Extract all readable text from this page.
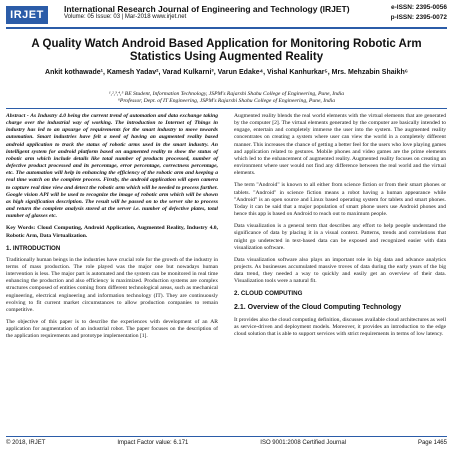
IRJET	International Research Journal of Engineering and Technology (IRJET)
Volume: 05 Issue: 03 | Mar-2018 www.irjet.net
e-ISSN: 2395-0056
p-ISSN: 2395-0072
A Quality Watch Android Based Application for Monitoring Robotic Arm Statistics Using Augmented Reality
Ankit kothawade¹, Kamesh Yadav², Varad Kulkarni³, Varun Edake⁴, Vishal Kanhurkar⁵, Mrs. Mehzabin Shaikh⁶
¹,²,³,⁴,⁵ BE Student, Information Technology, JSPM's Rajarshi Shahu College of Engineering, Pune, India
⁶Professor, Dept. of IT Engineering, JSPM's Rajarshi Shahu College of Engineering, Pune, India

Abstract - As Industry 4.0 being the current trend of automation and data exchange taking charge over the industrial way of working. The introduction to Internet of Things in industry has led to an upsurge of requirements for the smart industry to move towards automation. Smart industries have felt a need of having an augmented reality based android application to track the status of robotic arms used in the smart industry. An intelligent system for android platform based on augmented reality to show the status of robotic arm which include details like total number of products processed, number of defective product processed and its percentage, error percentage, correctness percentage, etc. The automation will help in enhancing the efficiency of the robotic arm and keeping a real time watch on the complete process. Firstly, the android application will open camera to capture real time view and detect the robotic arm which will be needed to process further. Google vision API will be used to recognize the image of robotic arm which will be shown as high signification description. The result will be passed on to the server site to process and return the complete analysis stored at the server i.e. number of defective plates, total number of glasses etc.

Key Words: Cloud Computing, Android Application, Augmented Reality, Industry 4.0, Robotic Arm, Data Virtualization.

1. INTRODUCTION

Traditionally human beings in the industries have crucial role for the growth of the industry in terms of mass production. The role played was the major one but nowadays human intervention is less. The major part is automated and the system can be monitored in real time enhancing the production and also efficiency is maximized. Production systems are complex structures composed of entities coming from different technological areas, such as mechanical engineering, electrical engineering and information technology (IT). They are continuously evolving to fit current market circumstances to allow production companies to remain competitive.

The objective of this paper is to describe the experiences with development of an AR application for augmentation of an industrial robot. The paper focuses on the description of the application requirements and prototype implementation [1].

Augmented reality blends the real world elements with the virtual elements that are generated by the computer [2]. The virtual elements generated by the computer are basically intended to engage, entertain and completely immerse the user into the system. The augmented reality concentrates on creating a system where user can view the world in a completely different manner. This increases the chance of getting a better feel for the users who love playing games and application related to gestures. Mobile phones and video games are the prime elements which led to the enhancement of augmented reality. Augmented reality focuses on creating an environment where user would not find any difference between the real world and the virtual elements.

The term "Android" is known to all either from science fiction or from their smart phones or tablets. "Android" in science fiction means a robot having a human appearance while "Android" is an open source and Linux based operating system for tablets and smart phones. Today it can be said that a major population of smart phone users use Android phones and hence this app is based on Android to reach out to maximum people.

Data visualization is a general term that describes any effort to help people understand the significance of data by placing it in a visual context. Patterns, trends and correlations that might go undetected in text-based data can be exposed and recognized easier with data visualization software.

Data visualization software also plays an important role in big data and advance analytics projects. As businesses accumulated massive troves of data during the early years of the big data trend, they needed a way to quickly and easily get an overview of their data. Visualization tools were a natural fit.

2. CLOUD COMPUTING
2.1. Overview of the Cloud Computing Technology

It provides also the cloud computing definition, discusses available cloud architectures as well as service-driven and deployment models. Moreover, it provides an introduction to the edge cloud solution that is able to support services with strict requirements in terms of low latency.

© 2018, IRJET	Impact Factor value: 6.171	ISO 9001:2008 Certified Journal	Page 1465
